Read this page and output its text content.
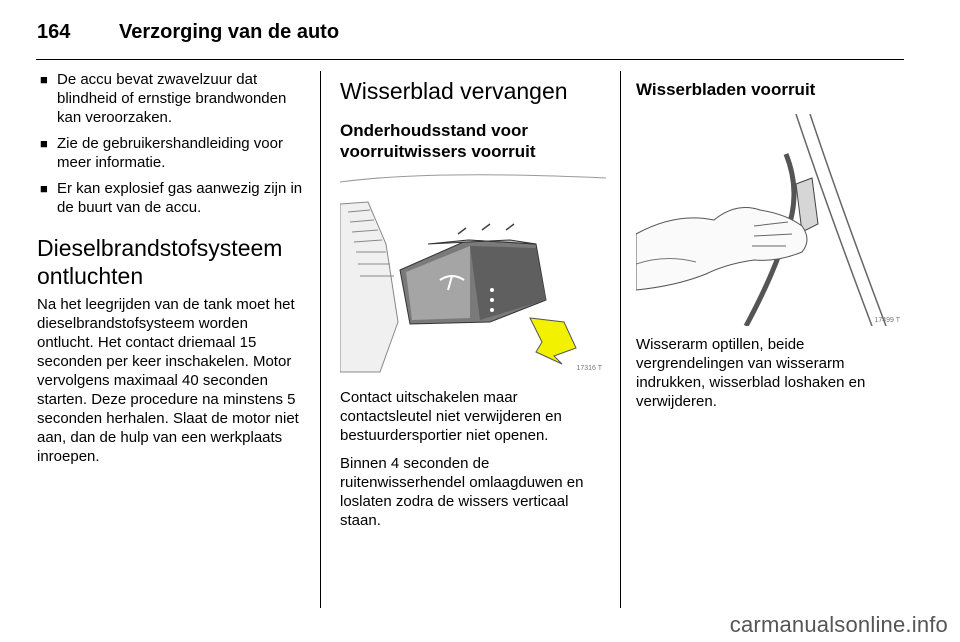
164	Verzorging van de auto
■ De accu bevat zwavelzuur dat blindheid of ernstige brandwonden kan veroorzaken.
■ Zie de gebruikershandleiding voor meer informatie.
■ Er kan explosief gas aanwezig zijn in de buurt van de accu.
Dieselbrandstofsysteem ontluchten

Na het leegrijden van de tank moet het dieselbrandstofsysteem worden ontlucht. Het contact driemaal 15 seconden per keer inschakelen. Motor vervolgens maximaal 40 seconden starten. Deze procedure na minstens 5 seconden herhalen. Slaat de motor niet aan, dan de hulp van een werkplaats inroepen.

Wisserblad vervangen
Onderhoudsstand voor voorruitwissers voorruit
17316 T

Contact uitschakelen maar contactsleutel niet verwijderen en bestuurdersportier niet openen.

Binnen 4 seconden de ruitenwisserhendel omlaagduwen en loslaten zodra de wissers verticaal staan.

Wisserbladen voorruit
17499 T

Wisserarm optillen, beide vergrendelingen van wisserarm indrukken, wisserblad loshaken en verwijderen.

carmanualsonline.info
